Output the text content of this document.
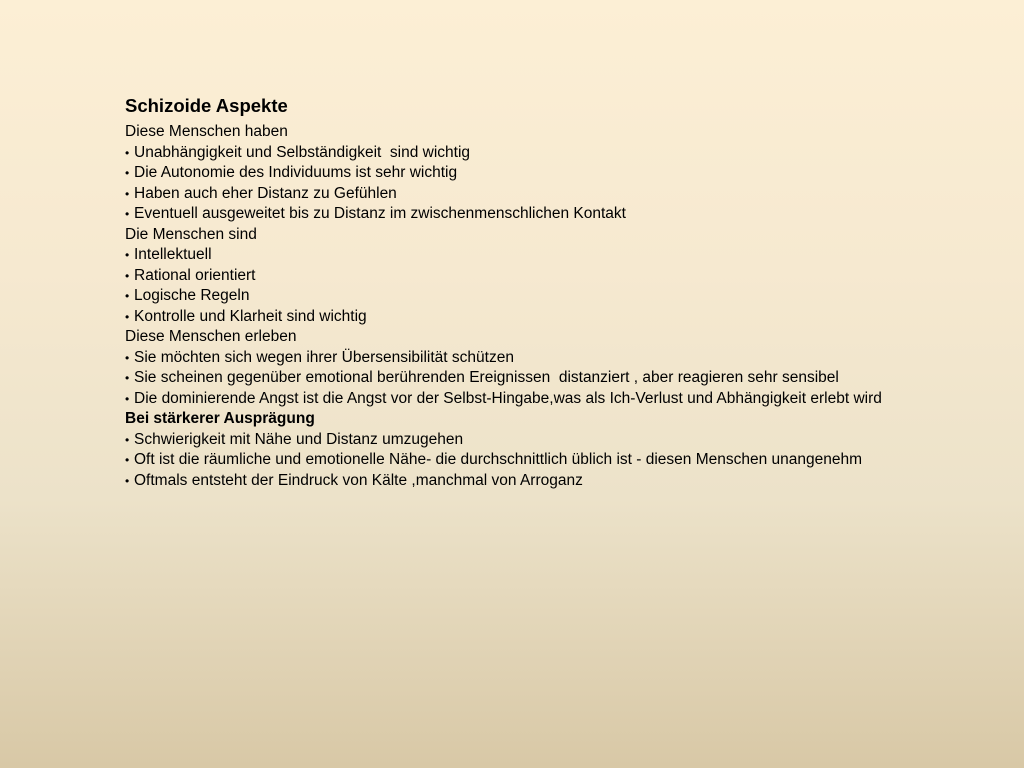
Schizoide Aspekte
Diese Menschen haben
• Unabhängigkeit und Selbständigkeit  sind wichtig
• Die Autonomie des Individuums ist sehr wichtig
• Haben auch eher Distanz zu Gefühlen
• Eventuell ausgeweitet bis zu Distanz im zwischenmenschlichen Kontakt
Die Menschen sind
• Intellektuell
• Rational orientiert
• Logische Regeln
• Kontrolle und Klarheit sind wichtig
Diese Menschen erleben
• Sie möchten sich wegen ihrer Übersensibilität schützen
• Sie scheinen gegenüber emotional berührenden Ereignissen  distanziert , aber reagieren sehr sensibel
• Die dominierende Angst ist die Angst vor der Selbst-Hingabe,was als Ich-Verlust und Abhängigkeit erlebt wird
Bei stärkerer Ausprägung
• Schwierigkeit mit Nähe und Distanz umzugehen
• Oft ist die räumliche und emotionelle Nähe- die durchschnittlich üblich ist - diesen Menschen unangenehm
• Oftmals entsteht der Eindruck von Kälte ,manchmal von Arroganz
